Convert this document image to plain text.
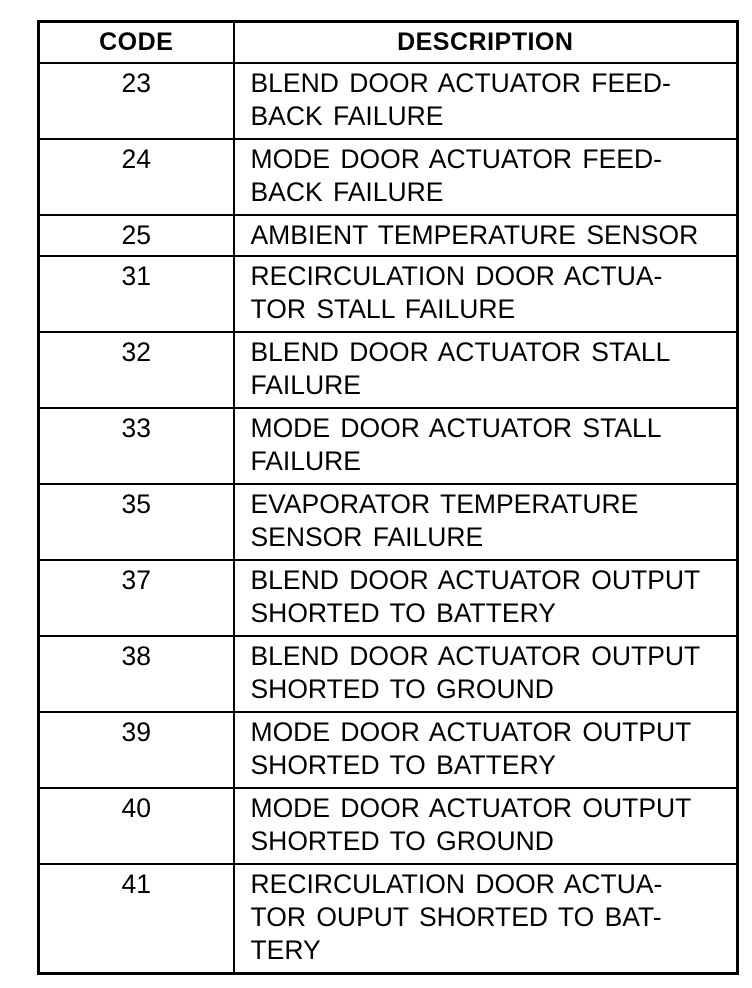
CODE	DESCRIPTION
23	BLEND DOOR ACTUATOR FEED-
BACK FAILURE

24	MODE DOOR ACTUATOR FEED-
BACK FAILURE

25	AMBIENT TEMPERATURE SENSOR

31	RECIRCULATION DOOR ACTUA-
TOR STALL FAILURE

32	BLEND DOOR ACTUATOR STALL
FAILURE

33	MODE DOOR ACTUATOR STALL
FAILURE

35	EVAPORATOR TEMPERATURE
SENSOR FAILURE

37	BLEND DOOR ACTUATOR OUTPUT
SHORTED TO BATTERY

38	BLEND DOOR ACTUATOR OUTPUT
SHORTED TO GROUND

39	MODE DOOR ACTUATOR OUTPUT
SHORTED TO BATTERY

40	MODE DOOR ACTUATOR OUTPUT
SHORTED TO GROUND

41	RECIRCULATION DOOR ACTUA-
TOR OUPUT SHORTED TO BAT-
TERY
